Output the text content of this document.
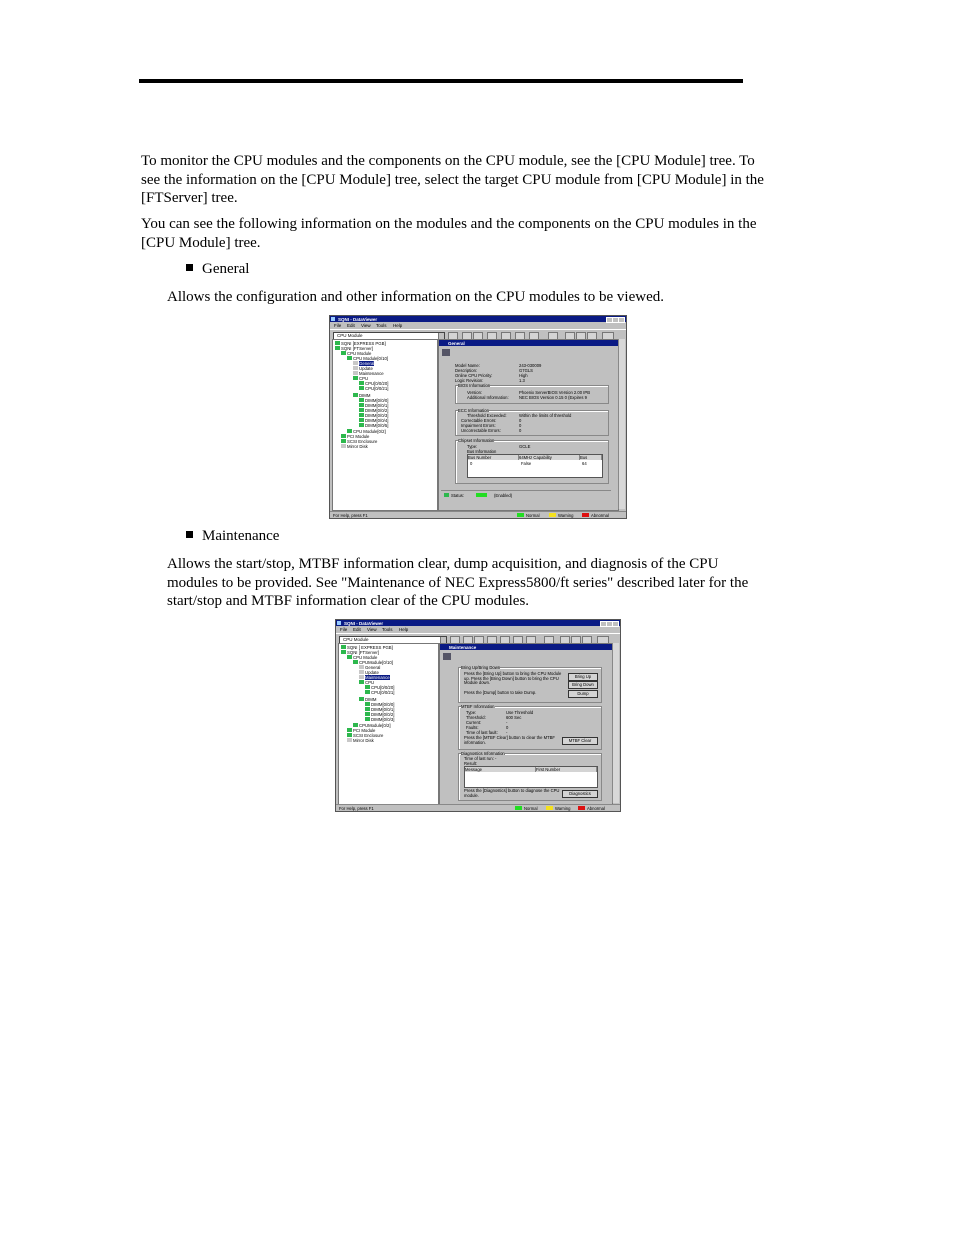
To monitor the CPU modules and the components on the CPU module, see the [CPU Module] tree. To see the information on the [CPU Module] tree, select the target CPU module from [CPU Module] in the [FTServer] tree.

You can see the following information on the modules and the components on the CPU modules in the [CPU Module] tree.

General

Allows the configuration and other information on the CPU modules to be viewed.

SQNI - DataViewer
File Edit View Tools Help
CPU Module
SQNI [EXPRESS PGB]
SQNI [FTServer]
CPU Module
CPU Module[0/10]
General
Update
Maintenance
CPU
CPU[0/0/20]
CPU[0/0/21]
DIMM
DIMM[0/0/0]
DIMM[0/0/1]
DIMM[0/0/2]
DIMM[0/0/3]
DIMM[0/0/4]
DIMM[0/0/5]
CPU Module[0/2]
PCI Module
SCSI Enclosure
Mirror Disk
General
Model Name:	243-030009
Description:	G7GLS
Online CPU Priority:	High
Logic Revision:	1.3
BIOS Information
Version:	Phoenix ServerBIOS Version 2.00 IPB
Additional Information: NEC BIOS Version 0.15 0 (Expires 9
ECC Information
Threshold Exceeded:	Within the limits of threshold
Correctable Errors:	0
Impairment Errors:	0
Uncorrectable Errors:	0
Chipset Information
Type:	GCLE
Bus Information
Bus Number	64MHz Capability	Bus
0	False	64
Status:	(Enabled)
For Help, press F1	Normal	Warning	Abnormal
Maintenance

Allows the start/stop, MTBF information clear, dump acquisition, and diagnosis of the CPU modules to be provided. See "Maintenance of NEC Express5800/ft series" described later for the start/stop and MTBF information clear of the CPU modules.

SQNI - DataViewer
File Edit View Tools Help
CPU Module
SQNI [ EXPRESS PGB]
SQNI [FTServer]
CPU Module
CPUModule[0/10]
General
Update
Maintenance
CPU
CPU[0/0/20]
CPU[0/0/21]
DIMM
DIMM[0/0/0]
DIMM[0/0/1]
DIMM[0/0/2]
DIMM[0/0/3]
CPUModule[0/2]
PCI Module
SCSI Enclosure
Mirror Disk
Maintenance
Bring Up/Bring Down
Press the [Bring Up] button to bring the CPU Module up. Press the [Bring Down] button to bring the CPU Module down.
Bring Up
Bring Down
Press the [Dump] button to take Dump.	Dump
MTBF Information
Type:	Use Threshold
Threshold:	600 Sec
Current:	-
Faults:	0
Time of last fault: -
Press the [MTBF Clear] button to clear the MTBF information.	MTBF Clear
Diagnostics Information
Time of last run: -
Result:
Message	First Number
Press the [Diagnostics] button to diagnose the CPU module.	Diagnostics
For Help, press F1	Normal	Warning	Abnormal
